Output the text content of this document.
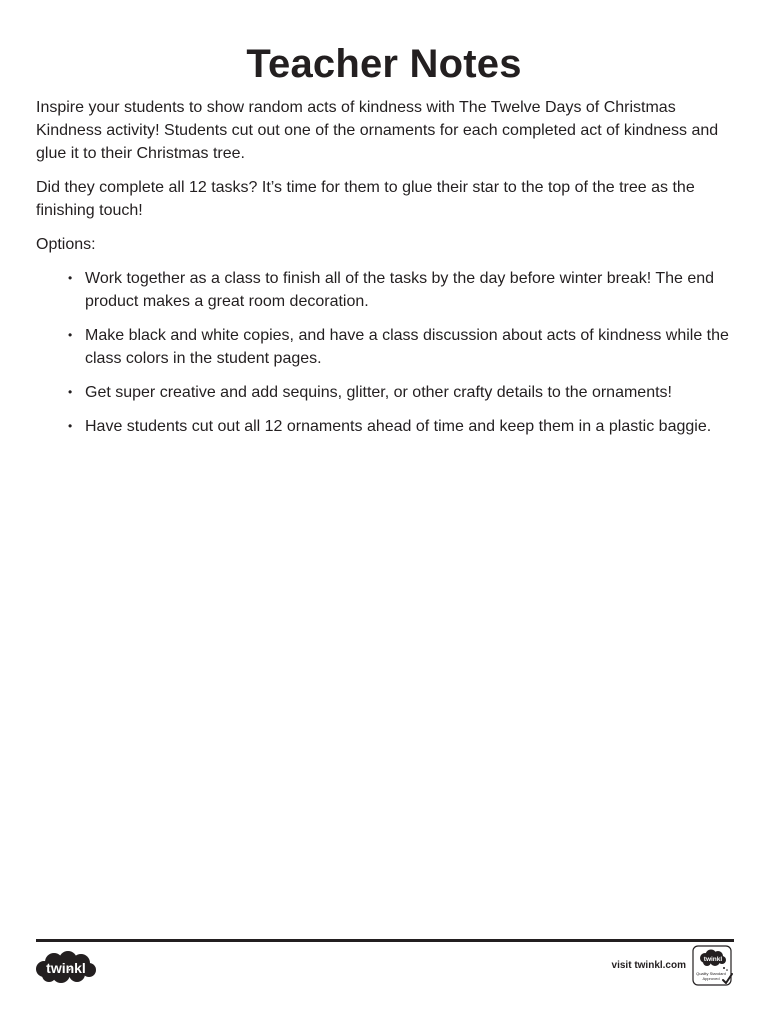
Teacher Notes

Inspire your students to show random acts of kindness with The Twelve Days of Christmas Kindness activity! Students cut out one of the ornaments for each completed act of kindness and glue it to their Christmas tree.

Did they complete all 12 tasks? It’s time for them to glue their star to the top of the tree as the finishing touch!

Options:

• Work together as a class to finish all of the tasks by the day before winter break! The end product makes a great room decoration.
• Make black and white copies, and have a class discussion about acts of kindness while the class colors in the student pages.
• Get super creative and add sequins, glitter, or other crafty details to the ornaments!
• Have students cut out all 12 ornaments ahead of time and keep them in a plastic baggie.
twinkl	visit twinkl.com
twinkl
Quality Standard
Approved
